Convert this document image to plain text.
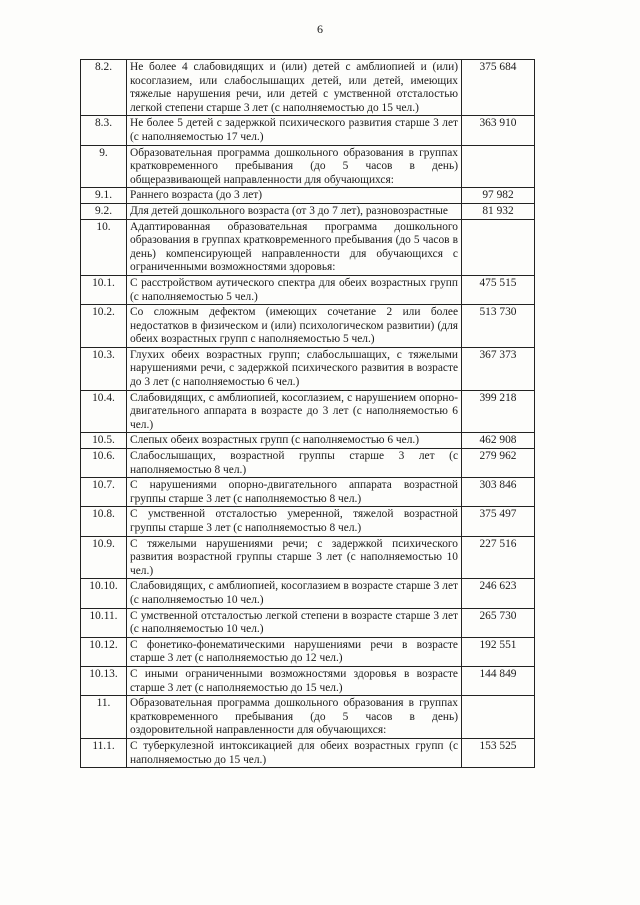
6
8.2.	Не более 4 слабовидящих и (или) детей с амблиопией и (или) косоглазием, или слабослышащих детей, или детей, имеющих тяжелые нарушения речи, или детей с умственной отсталостью легкой степени старше 3 лет (с наполняемостью до 15 чел.)	375 684
8.3.	Не более 5 детей с задержкой психического развития старше 3 лет (с наполняемостью 17 чел.)	363 910
9.	Образовательная программа дошкольного образования в группах кратковременного пребывания (до 5 часов в день) общеразвивающей направленности для обучающихся:	
9.1.	Раннего возраста (до 3 лет)	97 982
9.2.	Для детей дошкольного возраста (от 3 до 7 лет), разновозрастные	81 932
10.	Адаптированная образовательная программа дошкольного образования в группах кратковременного пребывания (до 5 часов в день) компенсирующей направленности для обучающихся с ограниченными возможностями здоровья:	
10.1.	С расстройством аутического спектра для обеих возрастных групп (с наполняемостью 5 чел.)	475 515
10.2.	Со сложным дефектом (имеющих сочетание 2 или более недостатков в физическом и (или) психологическом развитии) (для обеих возрастных групп с наполняемостью 5 чел.)	513 730
10.3.	Глухих обеих возрастных групп; слабослышащих, с тяжелыми нарушениями речи, с задержкой психического развития в возрасте до 3 лет (с наполняемостью 6 чел.)	367 373
10.4.	Слабовидящих, с амблиопией, косоглазием, с нарушением опорно-двигательного аппарата в возрасте до 3 лет (с наполняемостью 6 чел.)	399 218
10.5.	Слепых обеих возрастных групп (с наполняемостью 6 чел.)	462 908
10.6.	Слабослышащих, возрастной группы старше 3 лет (с наполняемостью 8 чел.)	279 962
10.7.	С нарушениями опорно-двигательного аппарата возрастной группы старше 3 лет (с наполняемостью 8 чел.)	303 846
10.8.	С умственной отсталостью умеренной, тяжелой возрастной группы старше 3 лет (с наполняемостью 8 чел.)	375 497
10.9.	С тяжелыми нарушениями речи; с задержкой психического развития возрастной группы старше 3 лет (с наполняемостью 10 чел.)	227 516
10.10.	Слабовидящих, с амблиопией, косоглазием в возрасте старше 3 лет (с наполняемостью 10 чел.)	246 623
10.11.	С умственной отсталостью легкой степени в возрасте старше 3 лет (с наполняемостью 10 чел.)	265 730
10.12.	С фонетико-фонематическими нарушениями речи в возрасте старше 3 лет (с наполняемостью до 12 чел.)	192 551
10.13.	С иными ограниченными возможностями здоровья в возрасте старше 3 лет (с наполняемостью до 15 чел.)	144 849
11.	Образовательная программа дошкольного образования в группах кратковременного пребывания (до 5 часов в день) оздоровительной направленности для обучающихся:	
11.1.	С туберкулезной интоксикацией для обеих возрастных групп (с наполняемостью до 15 чел.)	153 525
